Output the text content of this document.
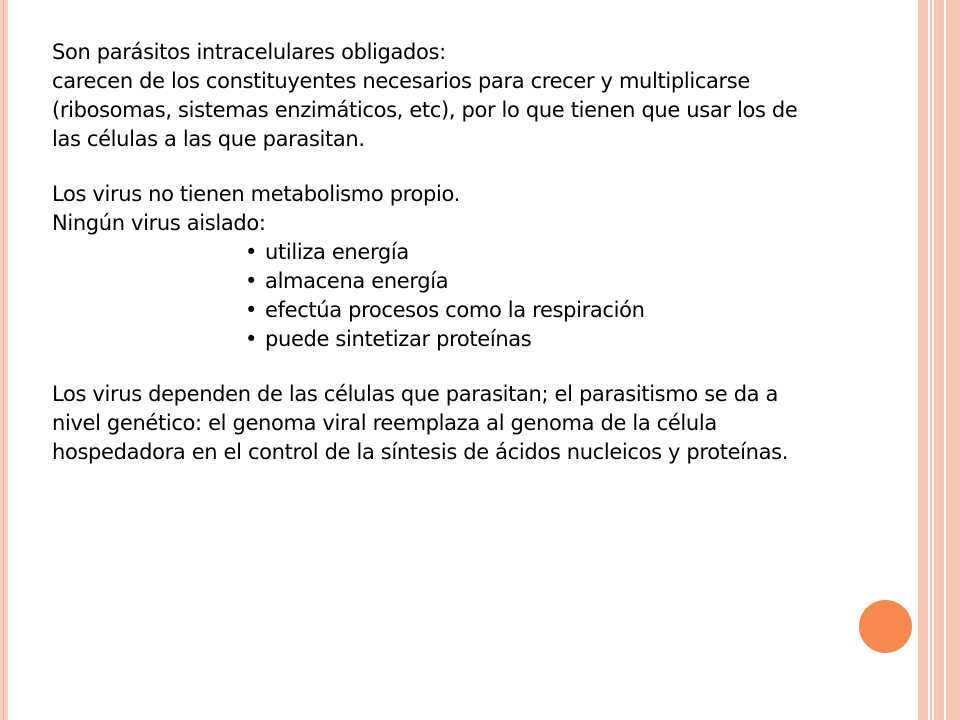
Son parásitos intracelulares obligados:
carecen de los constituyentes necesarios para crecer y multiplicarse
(ribosomas, sistemas enzimáticos, etc), por lo que tienen que usar los de
las células a las que parasitan.
Los virus no tienen metabolismo propio.
Ningún virus aislado:
• utiliza energía
• almacena energía
• efectúa procesos como la respiración
• puede sintetizar proteínas
Los virus dependen de las células que parasitan; el parasitismo se da a
nivel genético: el genoma viral reemplaza al genoma de la célula
hospedadora en el control de la síntesis de ácidos nucleicos y proteínas.
